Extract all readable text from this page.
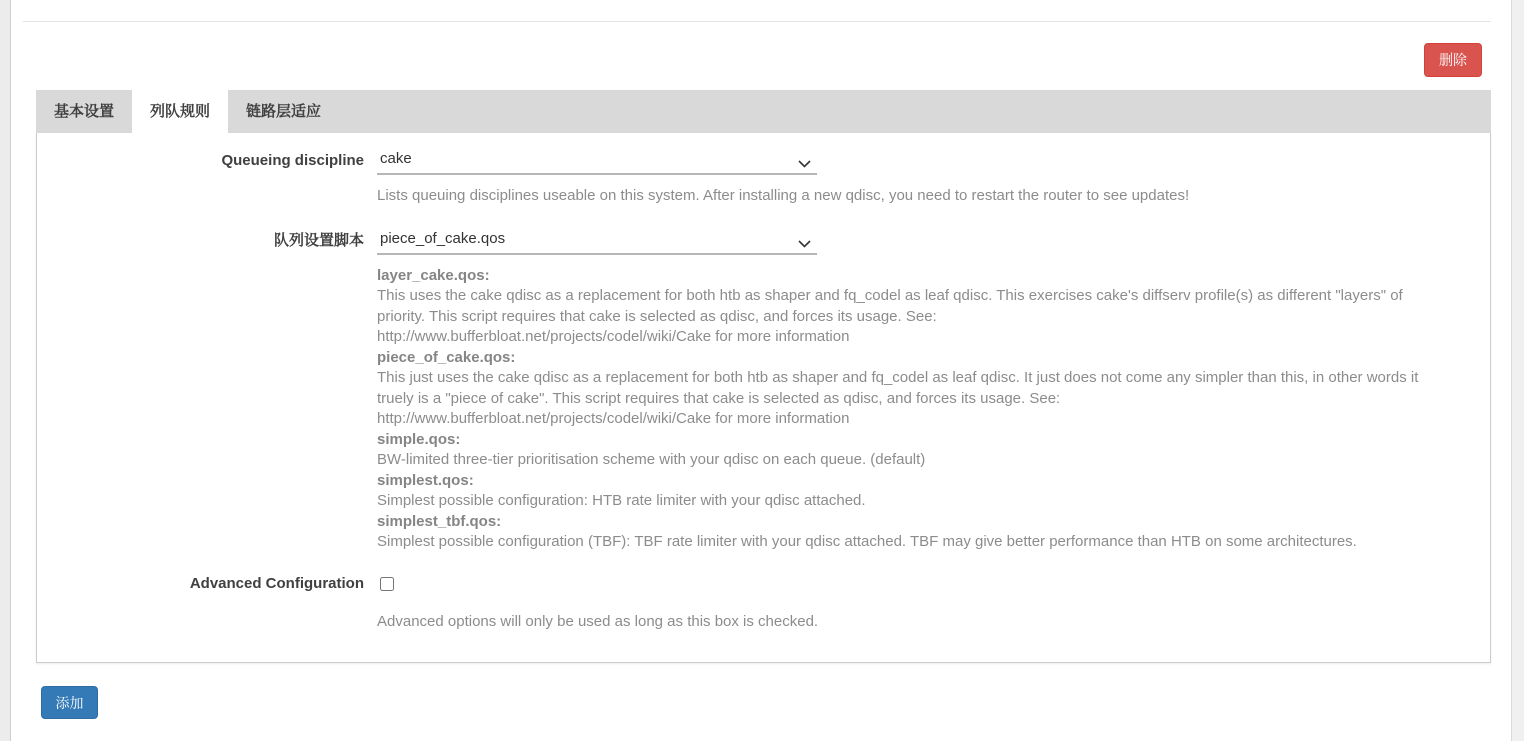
删除
基本设置	列队规则	链路层适应
Queueing discipline cake
Lists queuing disciplines useable on this system. After installing a new qdisc, you need to restart the router to see updates!
队列设置脚本 piece_of_cake.qos
layer_cake.qos:
This uses the cake qdisc as a replacement for both htb as shaper and fq_codel as leaf qdisc. This exercises cake's diffserv profile(s) as different "layers" of priority. This script requires that cake is selected as qdisc, and forces its usage. See:
http://www.bufferbloat.net/projects/codel/wiki/Cake for more information
piece_of_cake.qos:
This just uses the cake qdisc as a replacement for both htb as shaper and fq_codel as leaf qdisc. It just does not come any simpler than this, in other words it truely is a "piece of cake". This script requires that cake is selected as qdisc, and forces its usage. See:
http://www.bufferbloat.net/projects/codel/wiki/Cake for more information
simple.qos:
BW-limited three-tier prioritisation scheme with your qdisc on each queue. (default)
simplest.qos:
Simplest possible configuration: HTB rate limiter with your qdisc attached.
simplest_tbf.qos:
Simplest possible configuration (TBF): TBF rate limiter with your qdisc attached. TBF may give better performance than HTB on some architectures.
Advanced Configuration
Advanced options will only be used as long as this box is checked.
添加
